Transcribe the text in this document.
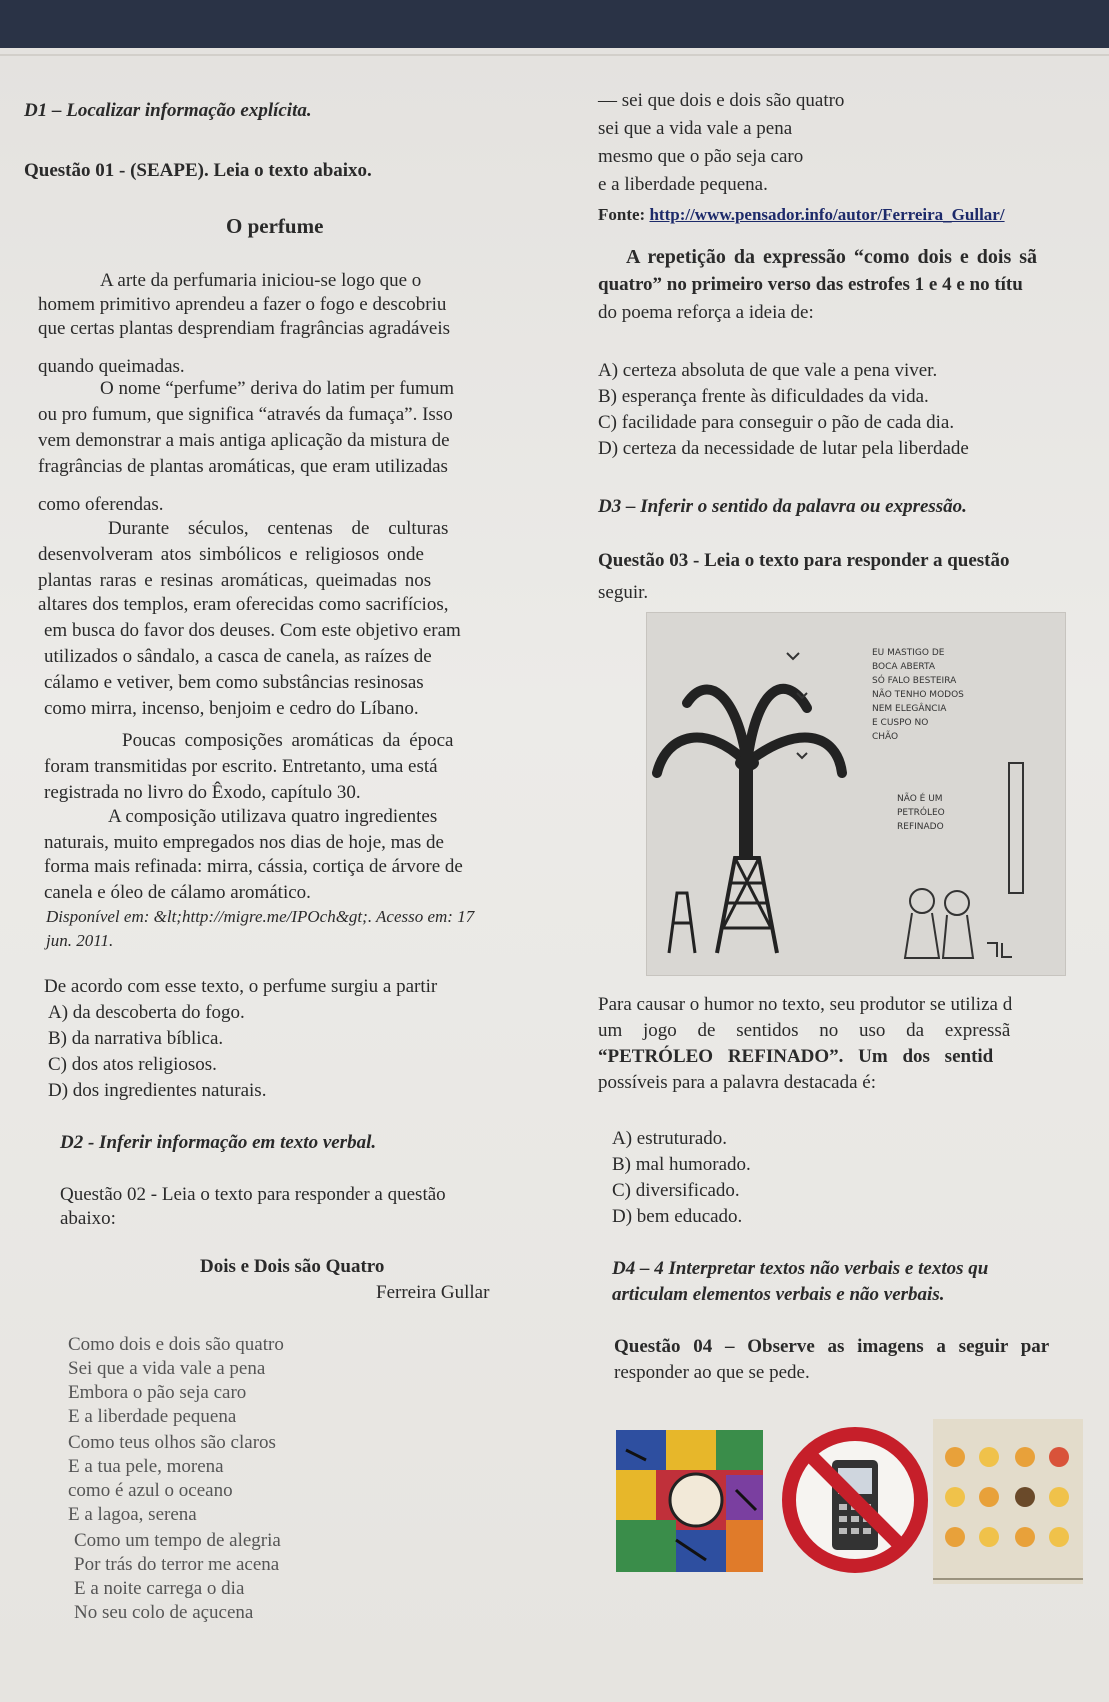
D1 – Localizar informação explícita.
Questão 01 - (SEAPE). Leia o texto abaixo.
O perfume
A arte da perfumaria iniciou-se logo que o
homem primitivo aprendeu a fazer o fogo e descobriu
que certas plantas desprendiam fragrâncias agradáveis
quando queimadas.
O nome “perfume” deriva do latim per fumum
ou pro fumum, que significa “através da fumaça”. Isso
vem demonstrar a mais antiga aplicação da mistura de
fragrâncias de plantas aromáticas, que eram utilizadas
como oferendas.
Durante séculos, centenas de culturas
desenvolveram atos simbólicos e religiosos onde
plantas raras e resinas aromáticas, queimadas nos
altares dos templos, eram oferecidas como sacrifícios,
em busca do favor dos deuses. Com este objetivo eram
utilizados o sândalo, a casca de canela, as raízes de
cálamo e vetiver, bem como substâncias resinosas
como mirra, incenso, benjoim e cedro do Líbano.
Poucas composições aromáticas da época
foram transmitidas por escrito. Entretanto, uma está
registrada no livro do Êxodo, capítulo 30.
A composição utilizava quatro ingredientes
naturais, muito empregados nos dias de hoje, mas de
forma mais refinada: mirra, cássia, cortiça de árvore de
canela e óleo de cálamo aromático.
Disponível em: &lt;http://migre.me/IPOch&gt;. Acesso em: 17
jun. 2011.
De acordo com esse texto, o perfume surgiu a partir
A) da descoberta do fogo.
B) da narrativa bíblica.
C) dos atos religiosos.
D) dos ingredientes naturais.
D2 - Inferir informação em texto verbal.
Questão 02 - Leia o texto para responder a questão
abaixo:
Dois e Dois são Quatro
Ferreira Gullar
Como dois e dois são quatro
Sei que a vida vale a pena
Embora o pão seja caro
E a liberdade pequena
Como teus olhos são claros
E a tua pele, morena
como é azul o oceano
E a lagoa, serena
Como um tempo de alegria
Por trás do terror me acena
E a noite carrega o dia
No seu colo de açucena
— sei que dois e dois são quatro
sei que a vida vale a pena
mesmo que o pão seja caro
e a liberdade pequena.
Fonte: http://www.pensador.info/autor/Ferreira_Gullar/
A repetição da expressão “como dois e dois sã
quatro” no primeiro verso das estrofes 1 e 4 e no títu
do poema reforça a ideia de:
A) certeza absoluta de que vale a pena viver.
B) esperança frente às dificuldades da vida.
C) facilidade para conseguir o pão de cada dia.
D) certeza da necessidade de lutar pela liberdade
D3 – Inferir o sentido da palavra ou expressão.
Questão 03 - Leia o texto para responder a questão
seguir.
EU MASTIGO DE
BOCA ABERTA
SÓ FALO BESTEIRA
NÃO TENHO MODOS
NEM ELEGÂNCIA
E CUSPO NO
CHÃO
NÃO É UM
PETRÓLEO
REFINADO
Para causar o humor no texto, seu produtor se utiliza d
um jogo de sentidos no uso da expressã
“PETRÓLEO REFINADO”. Um dos sentid
possíveis para a palavra destacada é:
A) estruturado.
B) mal humorado.
C) diversificado.
D) bem educado.
D4 – 4 Interpretar textos não verbais e textos qu
articulam elementos verbais e não verbais.
Questão 04 – Observe as imagens a seguir par
responder ao que se pede.
